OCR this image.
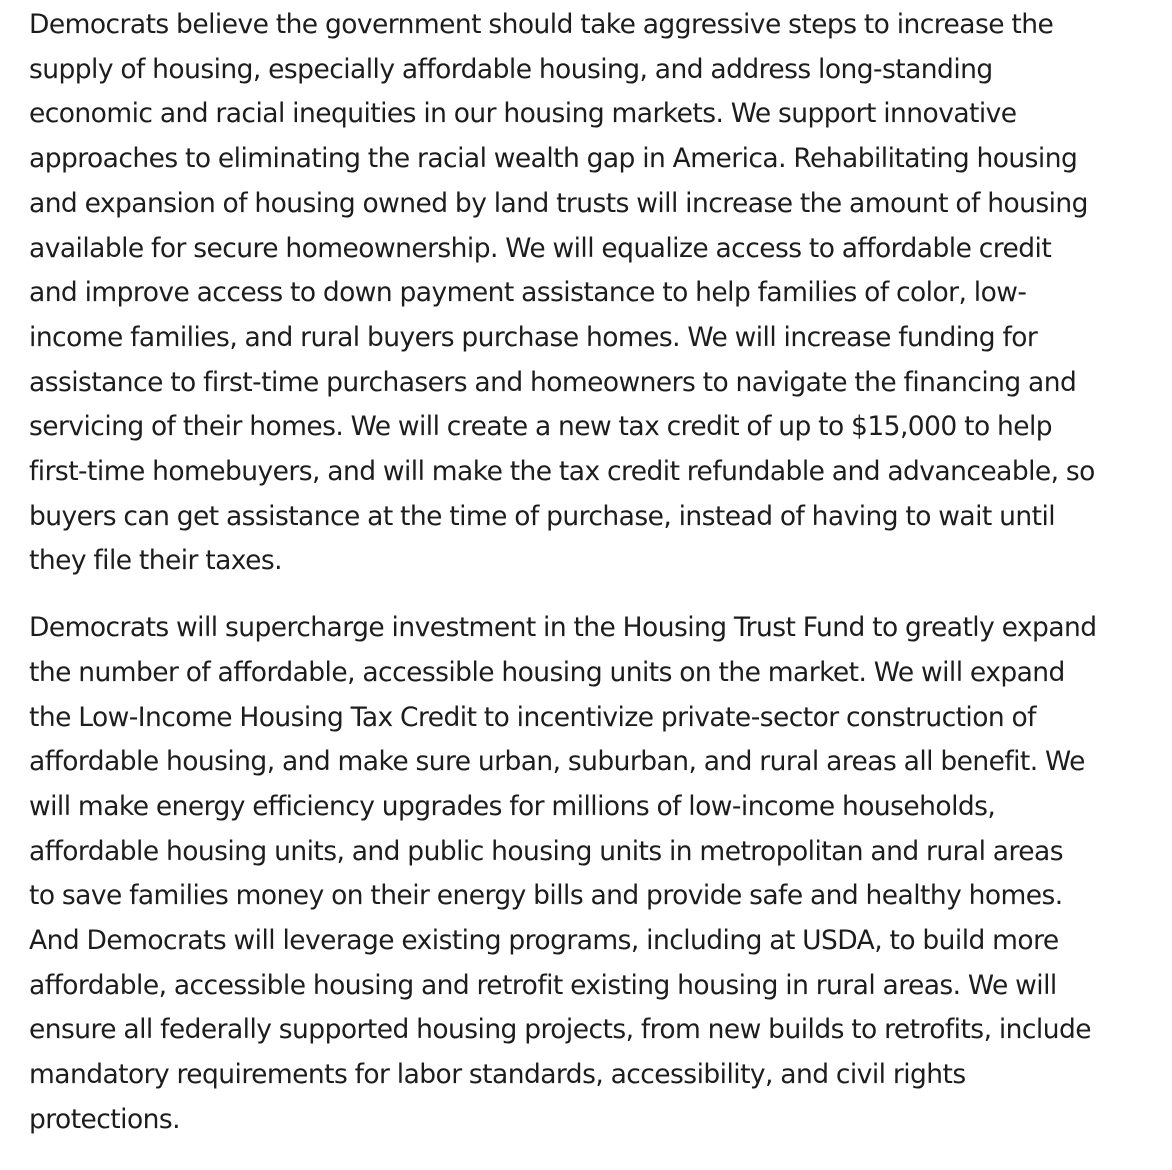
Democrats believe the government should take aggressive steps to increase the
supply of housing, especially affordable housing, and address long-standing
economic and racial inequities in our housing markets. We support innovative
approaches to eliminating the racial wealth gap in America. Rehabilitating housing
and expansion of housing owned by land trusts will increase the amount of housing
available for secure homeownership. We will equalize access to affordable credit
and improve access to down payment assistance to help families of color, low-
income families, and rural buyers purchase homes. We will increase funding for
assistance to first-time purchasers and homeowners to navigate the financing and
servicing of their homes. We will create a new tax credit of up to $15,000 to help
first-time homebuyers, and will make the tax credit refundable and advanceable, so
buyers can get assistance at the time of purchase, instead of having to wait until
they file their taxes.

Democrats will supercharge investment in the Housing Trust Fund to greatly expand
the number of affordable, accessible housing units on the market. We will expand
the Low-Income Housing Tax Credit to incentivize private-sector construction of
affordable housing, and make sure urban, suburban, and rural areas all benefit. We
will make energy efficiency upgrades for millions of low-income households,
affordable housing units, and public housing units in metropolitan and rural areas
to save families money on their energy bills and provide safe and healthy homes.
And Democrats will leverage existing programs, including at USDA, to build more
affordable, accessible housing and retrofit existing housing in rural areas. We will
ensure all federally supported housing projects, from new builds to retrofits, include
mandatory requirements for labor standards, accessibility, and civil rights
protections.
